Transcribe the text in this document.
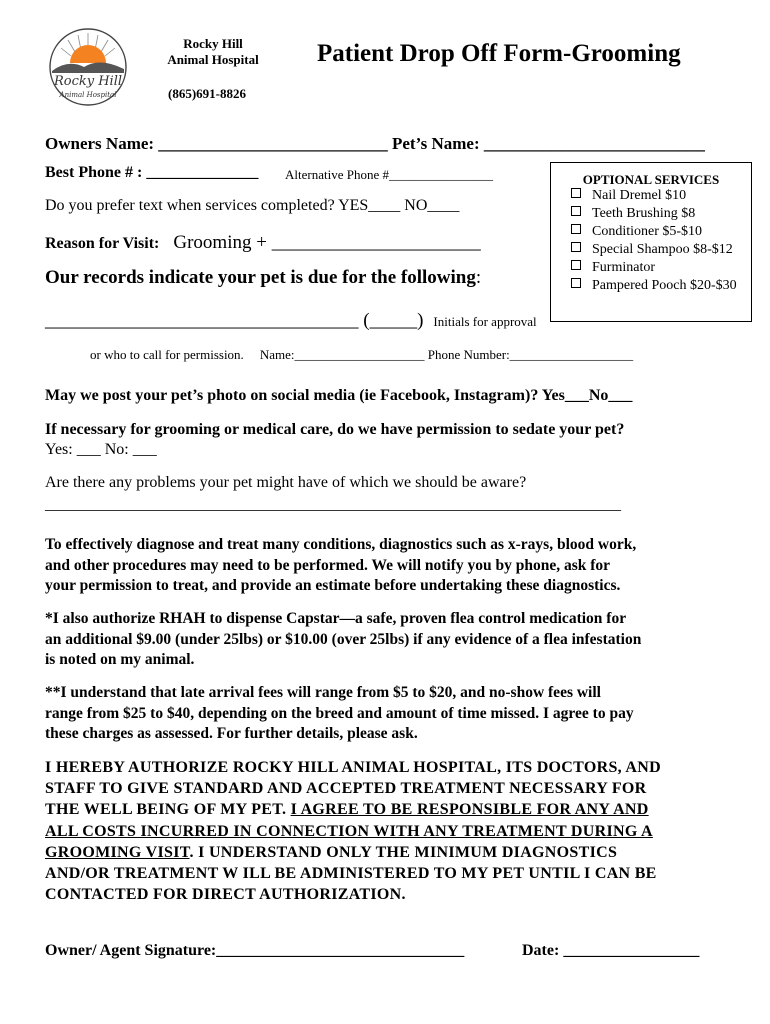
Rocky Hill
Animal Hospital
Rocky Hill
Animal Hospital
(865)691-8826
Patient Drop Off Form-Grooming
Owners Name: ___________________________ Pet’s Name: __________________________
Best Phone # : ______________ Alternative Phone #________________
Do you prefer text when services completed? YES____ NO____
Reason for Visit: Grooming + ______________________
Our records indicate your pet is due for the following:
_________________________________ (_____) Initials for approval
or who to call for permission. Name:____________________ Phone Number:___________________
OPTIONAL SERVICES
Nail Dremel $10
Teeth Brushing $8
Conditioner $5-$10
Special Shampoo $8-$12
Furminator
Pampered Pooch $20-$30
May we post your pet’s photo on social media (ie Facebook, Instagram)? Yes___No___
If necessary for grooming or medical care, do we have permission to sedate your pet?
Yes: ___ No: ___
Are there any problems your pet might have of which we should be aware?
________________________________________________________________________

To effectively diagnose and treat many conditions, diagnostics such as x-rays, blood work,

and other procedures may need to be performed. We will notify you by phone, ask for

your permission to treat, and provide an estimate before undertaking these diagnostics.

*I also authorize RHAH to dispense Capstar—a safe, proven flea control medication for

an additional $9.00 (under 25lbs) or $10.00 (over 25lbs) if any evidence of a flea infestation

is noted on my animal.

**I understand that late arrival fees will range from $5 to $20, and no-show fees will

range from $25 to $40, depending on the breed and amount of time missed. I agree to pay

these charges as assessed. For further details, please ask.

I HEREBY AUTHORIZE ROCKY HILL ANIMAL HOSPITAL, ITS DOCTORS, AND

STAFF TO GIVE STANDARD AND ACCEPTED TREATMENT NECESSARY FOR

THE WELL BEING OF MY PET. I AGREE TO BE RESPONSIBLE FOR ANY AND

ALL COSTS INCURRED IN CONNECTION WITH ANY TREATMENT DURING A

GROOMING VISIT. I UNDERSTAND ONLY THE MINIMUM DIAGNOSTICS

AND/OR TREATMENT W ILL BE ADMINISTERED TO MY PET UNTIL I CAN BE

CONTACTED FOR DIRECT AUTHORIZATION.

Owner/ Agent Signature:_______________________________	Date: _________________
